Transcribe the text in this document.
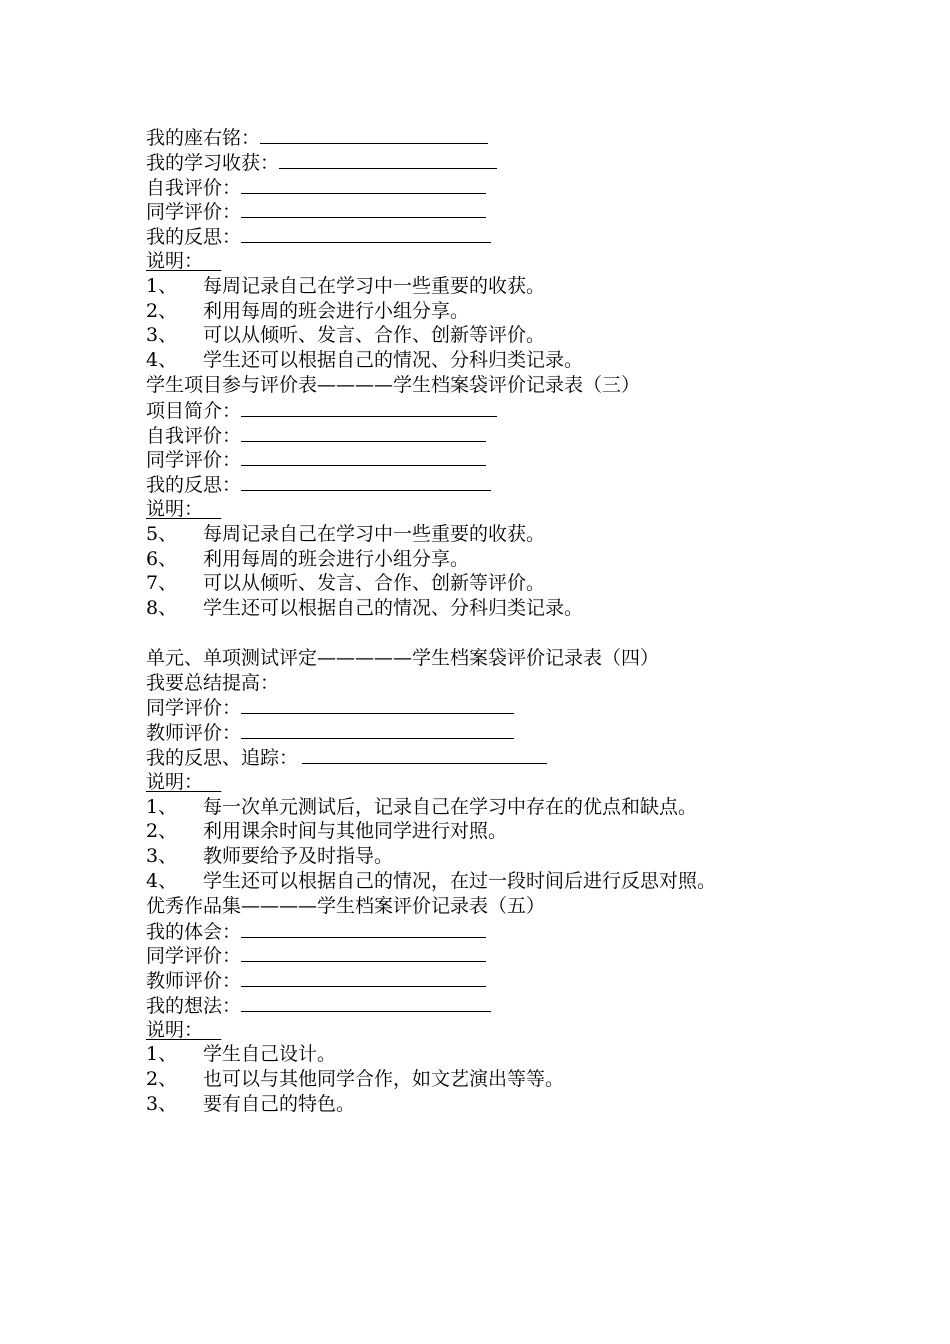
我的座右铭：
我的学习收获：
自我评价：
同学评价：
我的反思：
说明：
1、 每周记录自己在学习中一些重要的收获。
2、 利用每周的班会进行小组分享。
3、 可以从倾听、发言、合作、创新等评价。
4、 学生还可以根据自己的情况、分科归类记录。
学生项目参与评价表————学生档案袋评价记录表（三）
项目简介：
自我评价：
同学评价：
我的反思：
说明：
5、 每周记录自己在学习中一些重要的收获。
6、 利用每周的班会进行小组分享。
7、 可以从倾听、发言、合作、创新等评价。
8、 学生还可以根据自己的情况、分科归类记录。
单元、单项测试评定—————学生档案袋评价记录表（四）
我要总结提高：
同学评价：
教师评价：
我的反思、追踪：
说明：
1、 每一次单元测试后，记录自己在学习中存在的优点和缺点。
2、 利用课余时间与其他同学进行对照。
3、 教师要给予及时指导。
4、 学生还可以根据自己的情况，在过一段时间后进行反思对照。
优秀作品集————学生档案评价记录表（五）
我的体会：
同学评价：
教师评价：
我的想法：
说明：
1、 学生自己设计。
2、 也可以与其他同学合作，如文艺演出等等。
3、 要有自己的特色。
